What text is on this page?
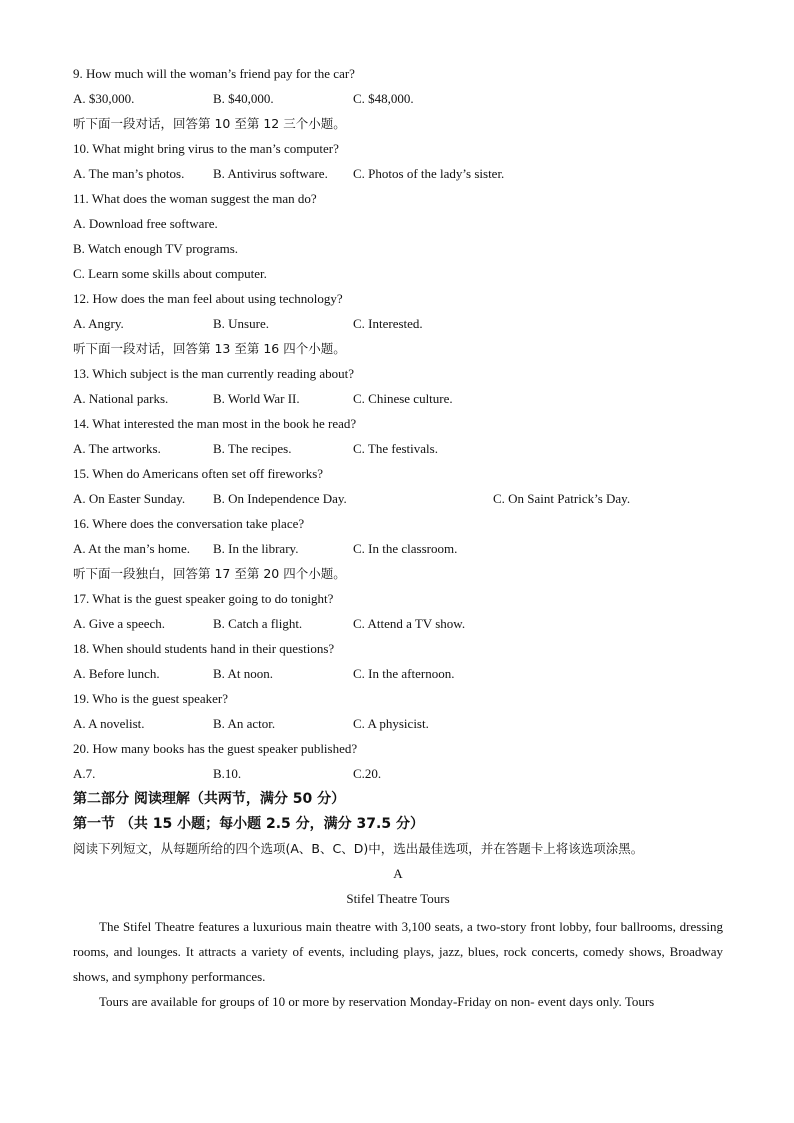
9. How much will the woman’s friend pay for the car?
A. $30,000.	B. $40,000.	C. $48,000.
听下面一段对话，回答第 10 至第 12 三个小题。
10. What might bring virus to the man’s computer?
A. The man’s photos.	B. Antivirus software.	C. Photos of the lady’s sister.
11. What does the woman suggest the man do?
A. Download free software.
B. Watch enough TV programs.
C. Learn some skills about computer.
12. How does the man feel about using technology?
A. Angry.	B. Unsure.	C. Interested.
听下面一段对话，回答第 13 至第 16 四个小题。
13. Which subject is the man currently reading about?
A. National parks.	B. World War II.	C. Chinese culture.
14. What interested the man most in the book he read?
A. The artworks.	B. The recipes.	C. The festivals.
15. When do Americans often set off fireworks?
A. On Easter Sunday.	B. On Independence Day.	C. On Saint Patrick’s Day.
16. Where does the conversation take place?
A. At the man’s home.	B. In the library.	C. In the classroom.
听下面一段独白，回答第 17 至第 20 四个小题。
17. What is the guest speaker going to do tonight?
A. Give a speech.	B. Catch a flight.	C. Attend a TV show.
18. When should students hand in their questions?
A. Before lunch.	B. At noon.	C. In the afternoon.
19. Who is the guest speaker?
A. A novelist.	B. An actor.	C. A physicist.
20. How many books has the guest speaker published?
A.7.	B.10.	C.20.
第二部分 阅读理解（共两节，满分 50 分）
第一节 （共 15 小题；每小题 2.5 分，满分 37.5 分）
阅读下列短文，从每题所给的四个选项(A、B、C、D)中，选出最佳选项，并在答题卡上将该选项涂黑。
A
Stifel Theatre Tours
The Stifel Theatre features a luxurious main theatre with 3,100 seats, a two-story front lobby, four ballrooms, dressing rooms, and lounges. It attracts a variety of events, including plays, jazz, blues, rock concerts, comedy shows, Broadway shows, and symphony performances.
Tours are available for groups of 10 or more by reservation Monday-Friday on non- event days only. Tours
